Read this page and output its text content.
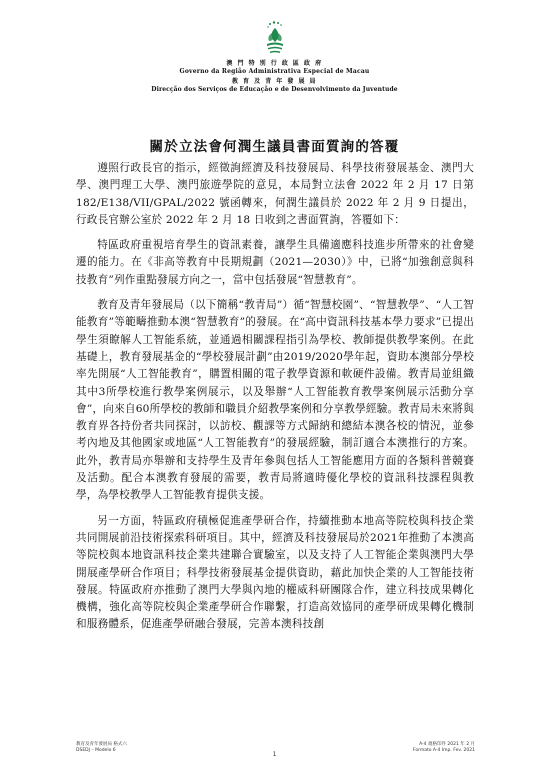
澳 門 特 別 行 政 區 政 府
Governo da Região Administrativa Especial de Macau
教 育 及 青 年 發 展 局
Direcção dos Serviços de Educação e de Desenvolvimento da Juventude
關於立法會何潤生議員書面質詢的答覆

遵照行政長官的指示，經徵詢經濟及科技發展局、科學技術發展基金、澳門大學、澳門理工大學、澳門旅遊學院的意見，本局對立法會 2022 年 2 月 17 日第 182/E138/VII/GPAL/2022 號函轉來，何潤生議員於 2022 年 2 月 9 日提出，行政長官辦公室於 2022 年 2 月 18 日收到之書面質詢，答覆如下：

特區政府重視培育學生的資訊素養，讓學生具備適應科技進步所帶來的社會變遷的能力。在《非高等教育中長期規劃（2021—2030）》中，已將“加強創意與科技教育”列作重點發展方向之一，當中包括發展“智慧教育”。

教育及青年發展局（以下簡稱“教青局”）循“智慧校園”、“智慧教學”、“人工智能教育”等範疇推動本澳“智慧教育”的發展。在“高中資訊科技基本學力要求”已提出學生須瞭解人工智能系統，並通過相關課程指引為學校、教師提供教學案例。在此基礎上，教育發展基金的“學校發展計劃”由2019/2020學年起，資助本澳部分學校率先開展“人工智能教育”，購置相關的電子教學資源和軟硬件設備。教青局並組織其中3所學校進行教學案例展示，以及舉辦“人工智能教育教學案例展示活動分享會”，向來自60所學校的教師和職員介紹教學案例和分享教學經驗。教青局未來將與教育界各持份者共同探討，以訪校、觀課等方式歸納和總結本澳各校的情況，並參考內地及其他國家或地區“人工智能教育”的發展經驗，制訂適合本澳推行的方案。此外，教青局亦舉辦和支持學生及青年參與包括人工智能應用方面的各類科普競賽及活動。配合本澳教育發展的需要，教青局將適時優化學校的資訊科技課程與教學，為學校教學人工智能教育提供支援。

另一方面，特區政府積極促進產學研合作，持續推動本地高等院校與科技企業共同開展前沿技術探索科研項目。其中，經濟及科技發展局於2021年推動了本澳高等院校與本地資訊科技企業共建聯合實驗室，以及支持了人工智能企業與澳門大學開展產學研合作項目；科學技術發展基金提供資助，藉此加快企業的人工智能技術發展。特區政府亦推動了澳門大學與內地的權威科研團隊合作，建立科技成果轉化機構，強化高等院校與企業產學研合作聯繫，打造高效協同的產學研成果轉化機制和服務體系，促進產學研融合發展，完善本澳科技創

教育及青年發展局 格式六
DSEDJ – Modelo 6
1
A-4 規格印件 2021 年 2 月
Formato A-4 Imp. Fev. 2021
